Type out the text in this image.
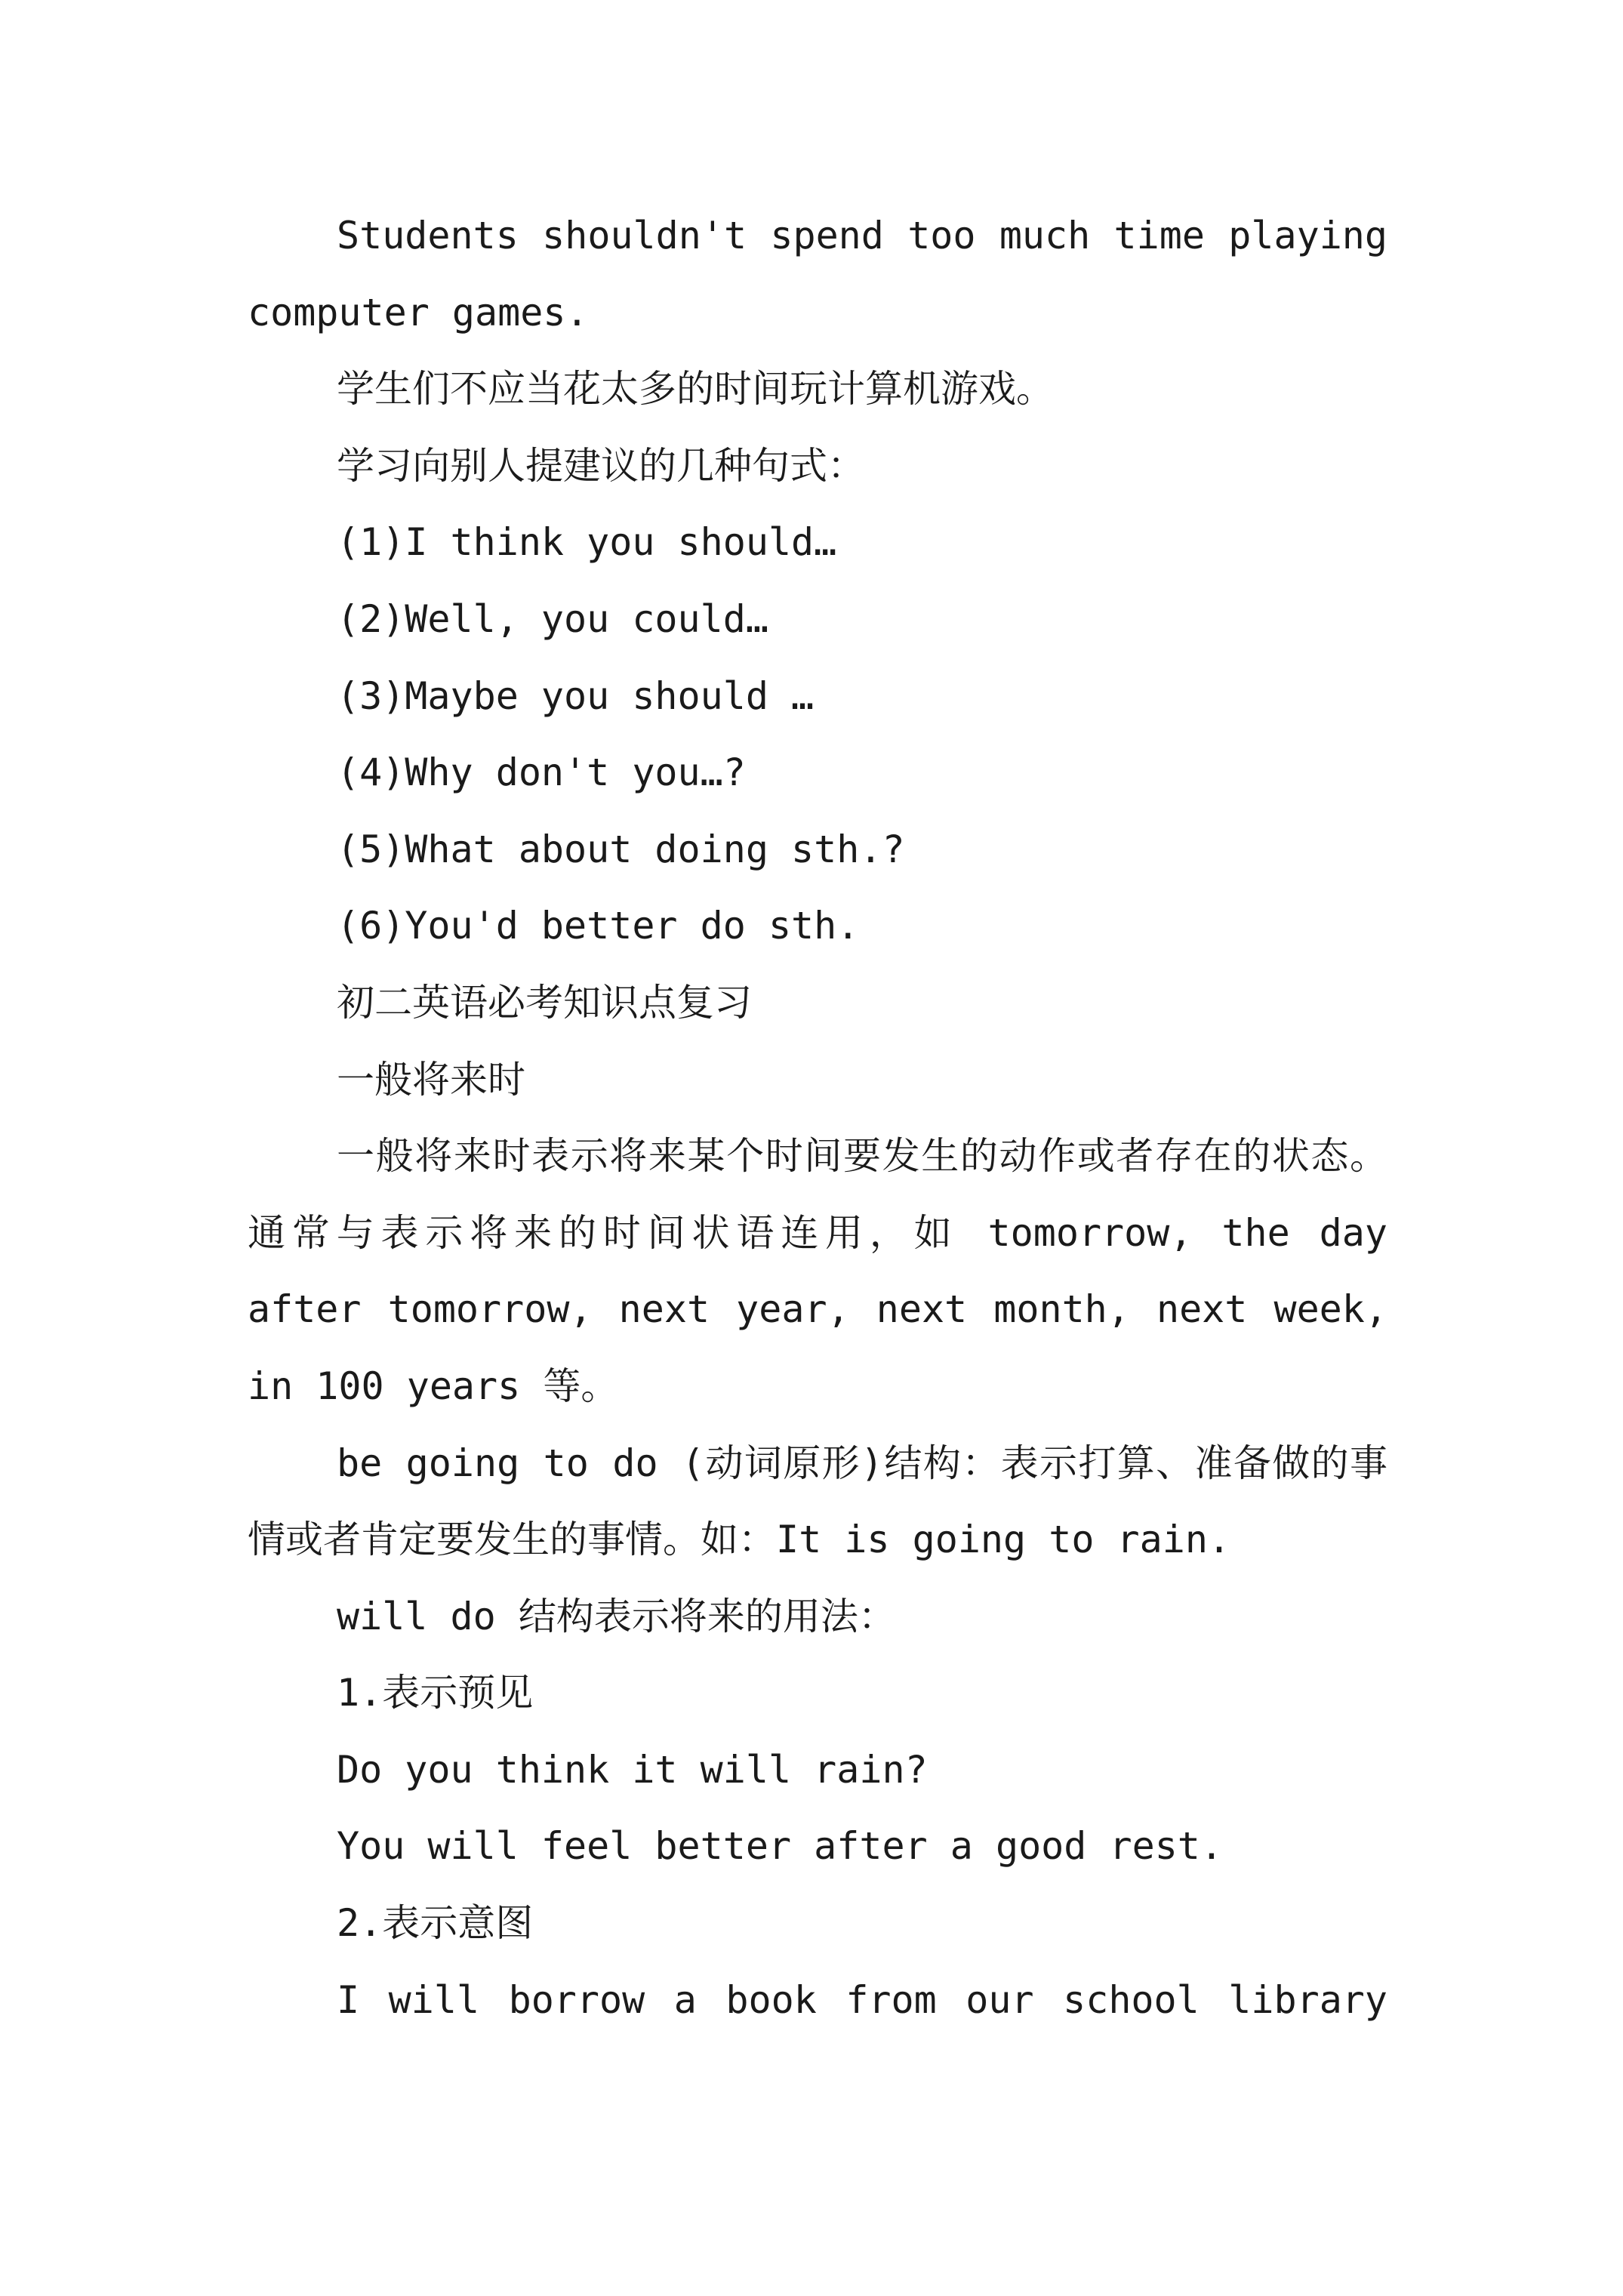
Students shouldn't spend too much time playing computer games.

学生们不应当花太多的时间玩计算机游戏。

学习向别人提建议的几种句式：

(1)I think you should…

(2)Well, you could…

(3)Maybe you should …

(4)Why don't you…?

(5)What about doing sth.?

(6)You'd better do sth.

初二英语必考知识点复习

一般将来时

一般将来时表示将来某个时间要发生的动作或者存在的状态。通常与表示将来的时间状语连用，如 tomorrow, the day after tomorrow, next year, next month, next week, in 100 years 等。

be going to do (动词原形)结构：表示打算、准备做的事情或者肯定要发生的事情。如：It is going to rain.

will do 结构表示将来的用法：

1.表示预见

Do you think it will rain?

You will feel better after a good rest.

2.表示意图

I will borrow a book from our school library
